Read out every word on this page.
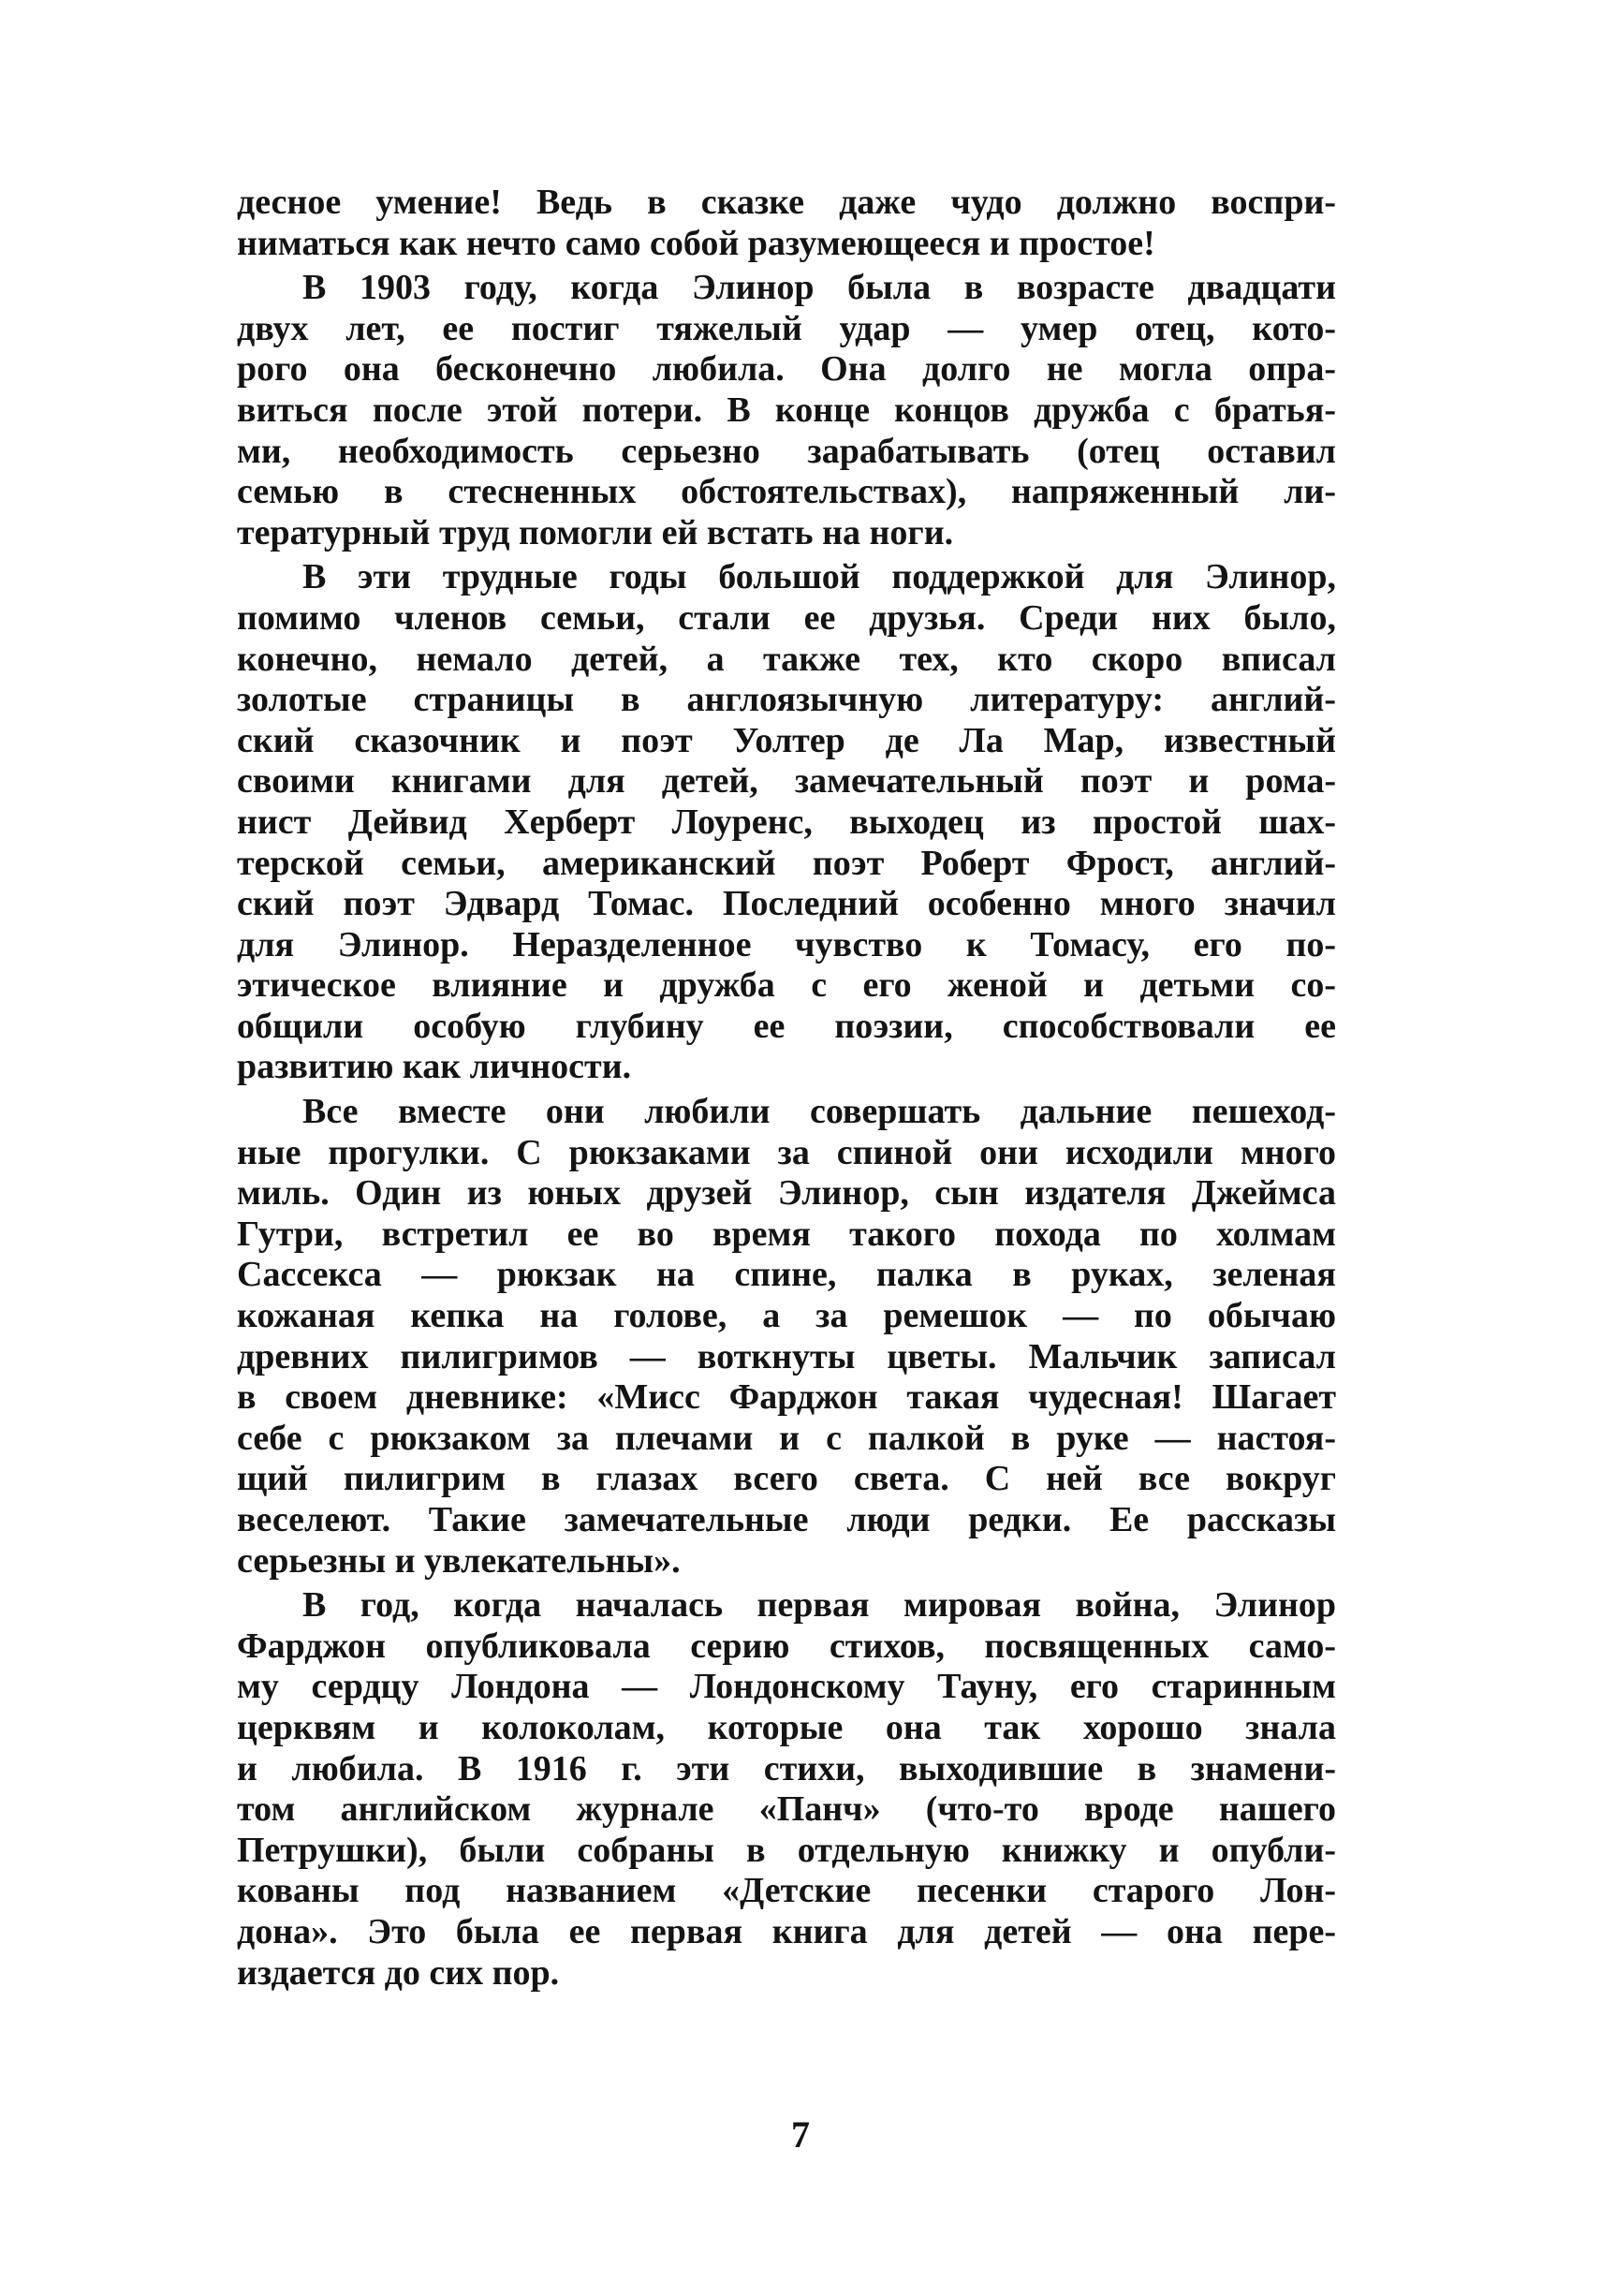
десное умение! Ведь в сказке даже чудо должно воспри-
ниматься как нечто само собой разумеющееся и простое!
В 1903 году, когда Элинор была в возрасте двадцати
двух лет, ее постиг тяжелый удар — умер отец, кото-
рого она бесконечно любила. Она долго не могла опра-
виться после этой потери. В конце концов дружба с братья-
ми, необходимость серьезно зарабатывать (отец оставил
семью в стесненных обстоятельствах), напряженный ли-
тературный труд помогли ей встать на ноги.
В эти трудные годы большой поддержкой для Элинор,
помимо членов семьи, стали ее друзья. Среди них было,
конечно, немало детей, а также тех, кто скоро вписал
золотые страницы в англоязычную литературу: англий-
ский сказочник и поэт Уолтер де Ла Мар, известный
своими книгами для детей, замечательный поэт и рома-
нист Дейвид Херберт Лоуренс, выходец из простой шах-
терской семьи, американский поэт Роберт Фрост, англий-
ский поэт Эдвард Томас. Последний особенно много значил
для Элинор. Неразделенное чувство к Томасу, его по-
этическое влияние и дружба с его женой и детьми со-
общили особую глубину ее поэзии, способствовали ее
развитию как личности.
Все вместе они любили совершать дальние пешеход-
ные прогулки. С рюкзаками за спиной они исходили много
миль. Один из юных друзей Элинор, сын издателя Джеймса
Гутри, встретил ее во время такого похода по холмам
Сассекса — рюкзак на спине, палка в руках, зеленая
кожаная кепка на голове, а за ремешок — по обычаю
древних пилигримов — воткнуты цветы. Мальчик записал
в своем дневнике: «Мисс Фарджон такая чудесная! Шагает
себе с рюкзаком за плечами и с палкой в руке — настоя-
щий пилигрим в глазах всего света. С ней все вокруг
веселеют. Такие замечательные люди редки. Ее рассказы
серьезны и увлекательны».
В год, когда началась первая мировая война, Элинор
Фарджон опубликовала серию стихов, посвященных само-
му сердцу Лондона — Лондонскому Тауну, его старинным
церквям и колоколам, которые она так хорошо знала
и любила. В 1916 г. эти стихи, выходившие в знамени-
том английском журнале «Панч» (что-то вроде нашего
Петрушки), были собраны в отдельную книжку и опубли-
кованы под названием «Детские песенки старого Лон-
дона». Это была ее первая книга для детей — она пере-
издается до сих пор.
7
